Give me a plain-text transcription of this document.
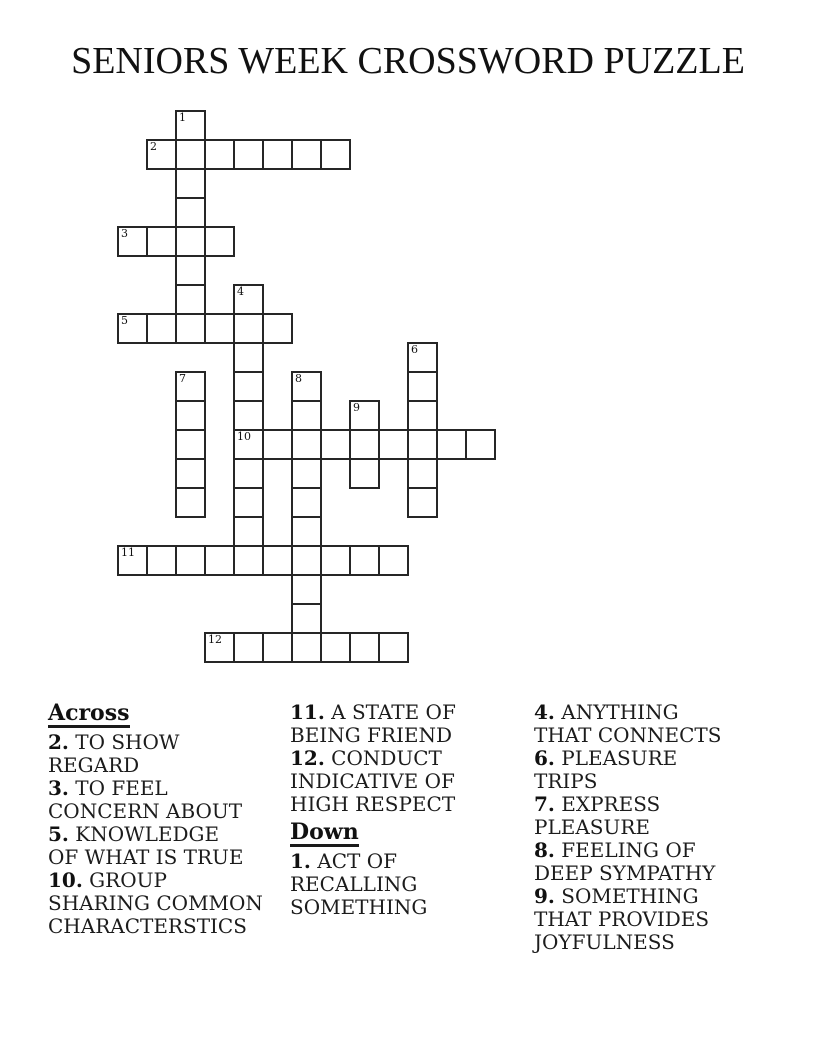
SENIORS WEEK CROSSWORD PUZZLE
1
2
3
4
10
5
6
7	8
9
11
12
Across

2. TO SHOW
REGARD
3. TO FEEL
CONCERN ABOUT
5. KNOWLEDGE
OF WHAT IS TRUE
10. GROUP
SHARING COMMON
CHARACTERSTICS
11. A STATE OF
BEING FRIEND
12. CONDUCT
INDICATIVE OF
HIGH RESPECT
Down

1. ACT OF
RECALLING
SOMETHING
4. ANYTHING
THAT CONNECTS
6. PLEASURE
TRIPS
7. EXPRESS
PLEASURE
8. FEELING OF
DEEP SYMPATHY
9. SOMETHING
THAT PROVIDES
JOYFULNESS
